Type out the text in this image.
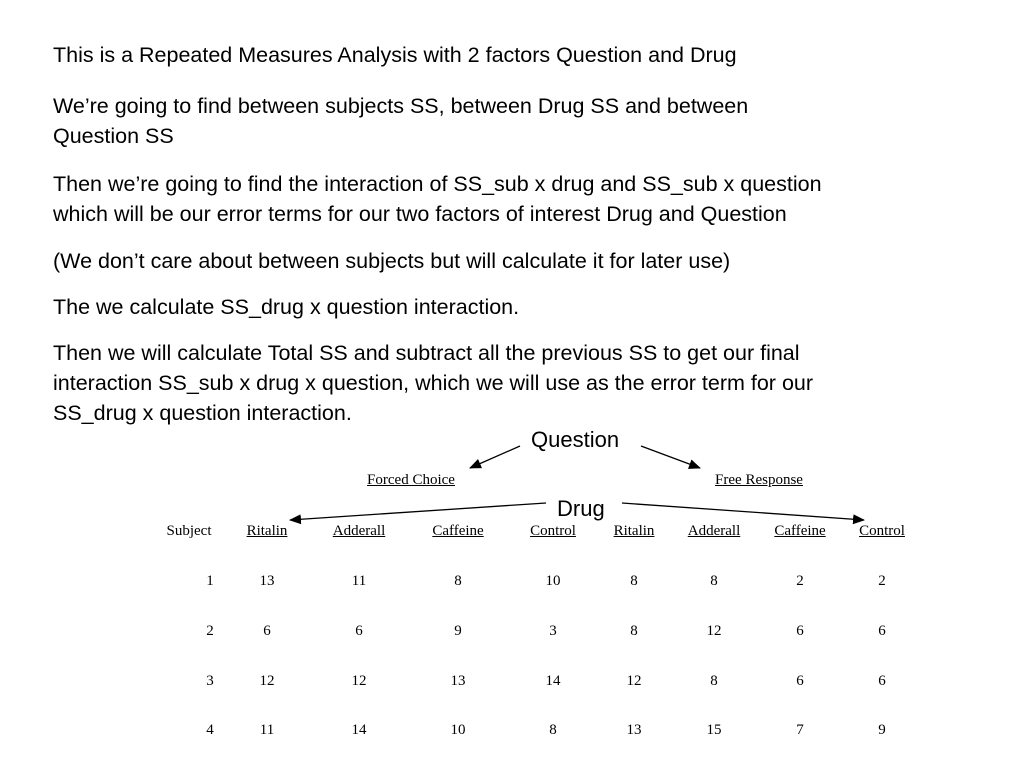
This is a Repeated Measures Analysis with 2 factors Question and Drug
We’re going to find between subjects SS, between Drug SS and between
Question SS
Then we’re going to find the interaction of SS_sub x drug and SS_sub x question
which will be our error terms for our two factors of interest Drug and Question
(We don’t care about between subjects but will calculate it for later use)
The we calculate SS_drug x question interaction.
Then we will calculate Total SS and subtract all the previous SS to get our final
interaction SS_sub x drug x question, which we will use as the error term for our
SS_drug x question interaction.
Question
Drug
Forced Choice	Free Response
Subject Ritalin	Adderall	Caffeine	Control	Ritalin Adderall Caffeine Control
1	13	11	8	10	8	8	2	2
2	6	6	9	3	8	12	6	6
3	12	12	13	14	12	8	6	6
4	11	14	10	8	13	15	7	9
